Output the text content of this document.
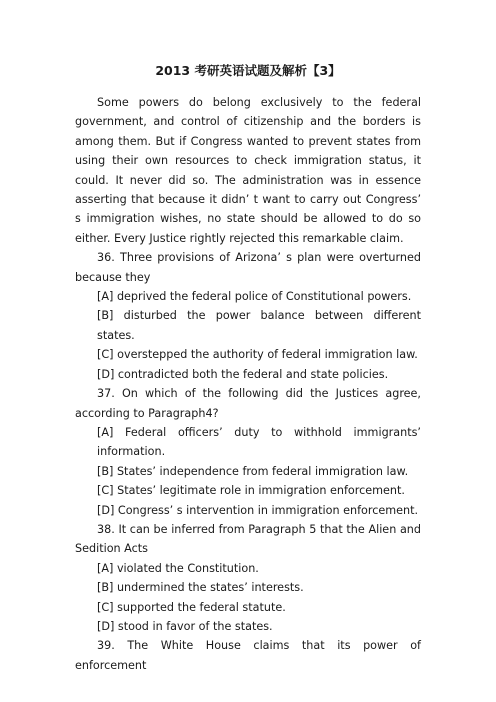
2013 考研英语试题及解析【3】

Some powers do belong exclusively to the federal government, and control of citizenship and the borders is among them. But if Congress wanted to prevent states from using their own resources to check immigration status, it could. It never did so. The administration was in essence asserting that because it didn’ t want to carry out Congress’ s immigration wishes, no state should be allowed to do so either. Every Justice rightly rejected this remarkable claim.

36. Three provisions of Arizona’ s plan were overturned because they

[A] deprived the federal police of Constitutional powers.

[B] disturbed the power balance between different states.

[C] overstepped the authority of federal immigration law.

[D] contradicted both the federal and state policies.

37. On which of the following did the Justices agree, according to Paragraph4?

[A] Federal officers’ duty to withhold immigrants’ information.

[B] States’ independence from federal immigration law.

[C] States’ legitimate role in immigration enforcement.

[D] Congress’ s intervention in immigration enforcement.

38. It can be inferred from Paragraph 5 that the Alien and Sedition Acts

[A] violated the Constitution.

[B] undermined the states’ interests.

[C] supported the federal statute.

[D] stood in favor of the states.

39. The White House claims that its power of enforcement
